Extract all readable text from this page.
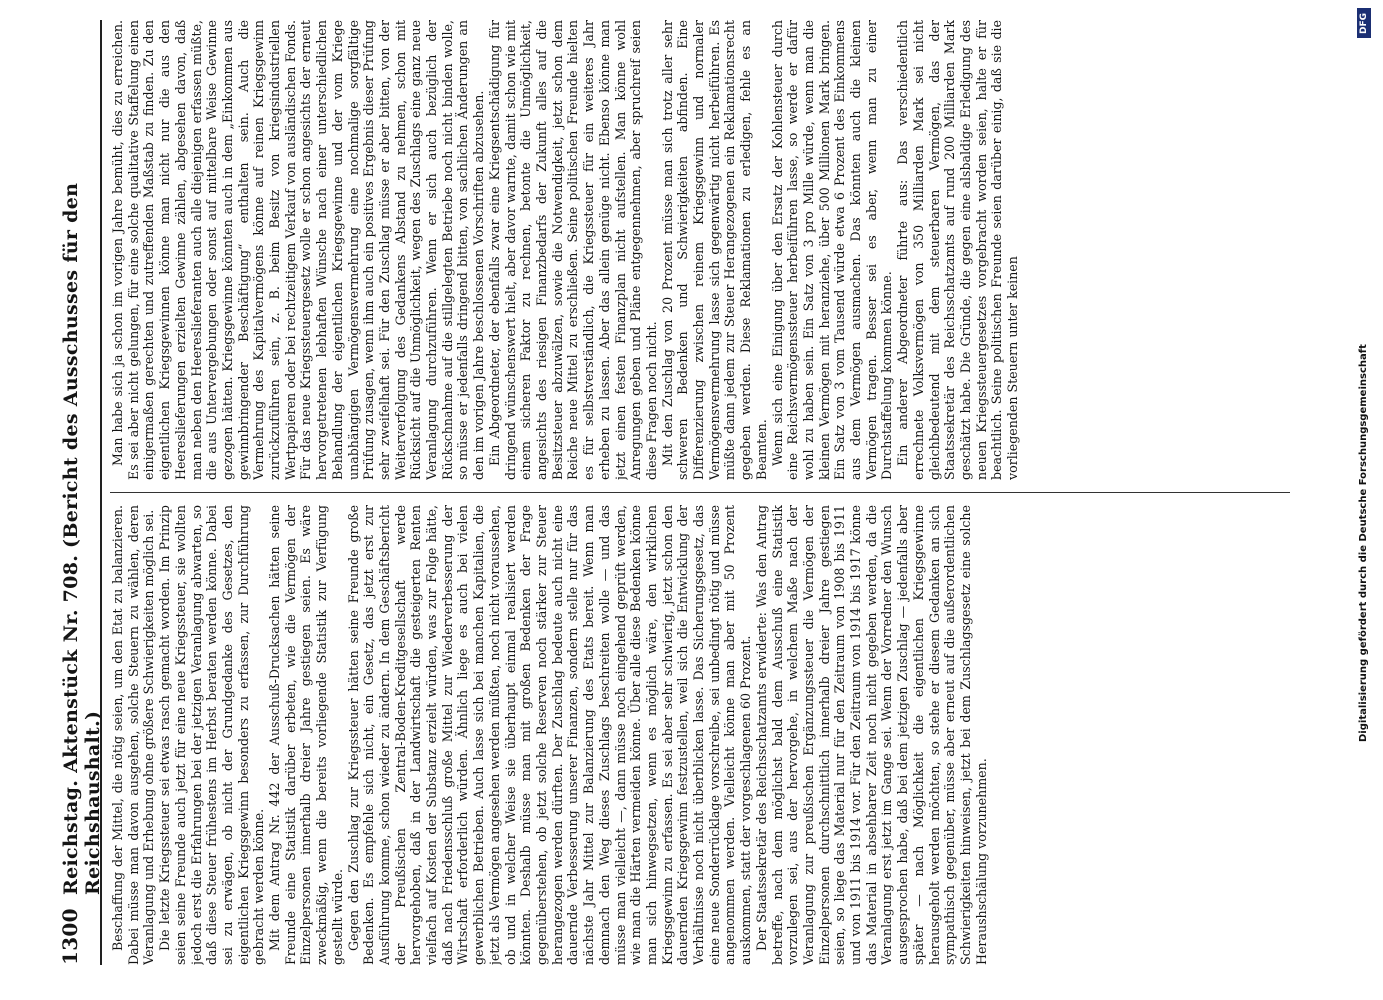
1300
Reichstag. Aktenstück Nr. 708. (Bericht des Ausschusses für den Reichshaushalt.) Beschaffung der Mittel, die nötig seien, um den Etat zu balanzieren. Dabei müsse man davon ausgehen, solche Steuern zu wählen, deren Veranlagung und Erhebung ohne größere Schwierigkeiten möglich sei. Die letzte Kriegssteuer sei etwas rasch gemacht worden. Im Prinzip seien seine Freunde auch jetzt für eine neue Kriegssteuer, sie wollten jedoch erst die Erfahrungen bei der jetzigen Veranlagung abwarten, so daß diese Steuer frühestens im Herbst beraten werden könne. Dabei sei zu erwägen, ob nicht der Grundgedanke des Gesetzes, den eigentlichen Kriegsgewinn besonders zu erfassen, zur Durchführung gebracht werden könne. Mit dem Antrag Nr. 442 der Ausschuß-Drucksachen hätten seine Freunde eine Statistik darüber erbeten, wie die Vermögen der Einzelpersonen innerhalb dreier Jahre gestiegen seien. Es wäre zweckmäßig, wenn die bereits vorliegende Statistik zur Verfügung gestellt würde. Gegen den Zuschlag zur Kriegssteuer hätten seine Freunde große Bedenken. Es empfehle sich nicht, ein Gesetz, das jetzt erst zur Ausführung komme, schon wieder zu ändern. In dem Geschäftsbericht der Preußischen Zentral-Boden-Kreditgesellschaft werde hervorgehoben, daß in der Landwirtschaft die gesteigerten Renten vielfach auf Kosten der Substanz erzielt würden, was zur Folge hätte, daß nach Friedensschluß große Mittel zur Wiederverbesserung der Wirtschaft erforderlich würden. Ähnlich liege es auch bei vielen gewerblichen Betrieben. Auch lasse sich bei manchen Kapitalien, die jetzt als Vermögen angesehen werden müßten, noch nicht voraussehen, ob und in welcher Weise sie überhaupt einmal realisiert werden könnten. Deshalb müsse man mit großen Bedenken der Frage gegenüberstehen, ob jetzt solche Reserven noch stärker zur Steuer herangezogen werden dürften. Der Zuschlag bedeute auch nicht eine dauernde Verbesserung unserer Finanzen, sondern stelle nur für das nächste Jahr Mittel zur Balanzierung des Etats bereit. Wenn man demnach den Weg dieses Zuschlags beschreiten wolle — und das müsse man vielleicht —, dann müsse noch eingehend geprüft werden, wie man die Härten vermeiden könne. Über alle diese Bedenken könne man sich hinwegsetzen, wenn es möglich wäre, den wirklichen Kriegsgewinn zu erfassen. Es sei aber sehr schwierig, jetzt schon den dauernden Kriegsgewinn festzustellen, weil sich die Entwicklung der Verhältnisse noch nicht überblicken lasse. Das Sicherungsgesetz, das eine neue Sonderrücklage vorschreibe, sei unbedingt nötig und müsse angenommen werden. Vielleicht könne man aber mit 50 Prozent auskommen, statt der vorgeschlagenen 60 Prozent. Der Staatssekretär des Reichsschatzamts erwiderte: Was den Antrag betreffe, nach dem möglichst bald dem Ausschuß eine Statistik vorzulegen sei, aus der hervorgehe, in welchem Maße nach der Veranlagung zur preußischen Ergänzungssteuer die Vermögen der Einzelpersonen durchschnittlich innerhalb dreier Jahre gestiegen seien, so liege das Material nur für den Zeitraum von 1908 bis 1911 und von 1911 bis 1914 vor. Für den Zeitraum von 1914 bis 1917 könne das Material in absehbarer Zeit noch nicht gegeben werden, da die Veranlagung erst jetzt im Gange sei. Wenn der Vorredner den Wunsch ausgesprochen habe, daß bei dem jetzigen Zuschlag — jedenfalls aber später — nach Möglichkeit die eigentlichen Kriegsgewinne herausgeholt werden möchten, so stehe er diesem Gedanken an sich sympathisch gegenüber, müsse aber erneut auf die außerordentlichen Schwierigkeiten hinweisen, jetzt bei dem Zuschlagsgesetz eine solche Heraushschälung vorzunehmen.

Man habe sich ja schon im vorigen Jahre bemüht, dies zu erreichen. Es sei aber nicht gelungen, für eine solche qualitative Staffelung einen einigermaßen gerechten und zutreffenden Maßstab zu finden. Zu den eigentlichen Kriegsgewinnen könne man nicht nur die aus den Heereslieferungen erzielten Gewinne zählen, abgesehen davon, daß man neben den Heereslieferanten auch alle diejenigen erfassen müßte, die aus Untervergebungen oder sonst auf mittelbare Weise Gewinne gezogen hätten. Kriegsgewinne könnten auch in dem „Einkommen aus gewinnbringender Beschäftigung“ enthalten sein. Auch die Vermehrung des Kapitalvermögens könne auf reinen Kriegsgewinn zurückzuführen sein, z. B. beim Besitz von kriegsindustriellen Wertpapieren oder bei rechtzeitigem Verkauf von ausländischen Fonds. Für das neue Kriegssteuergesetz wolle er schon angesichts der erneut hervorgetretenen lebhaften Wünsche nach einer unterschiedlichen Behandlung der eigentlichen Kriegsgewinne und der vom Kriege unabhängigen Vermögensvermehrung eine nochmalige sorgfältige Prüfung zusagen, wenn ihm auch ein positives Ergebnis dieser Prüfung sehr zweifelhaft sei. Für den Zuschlag müsse er aber bitten, von der Weiterverfolgung des Gedankens Abstand zu nehmen, schon mit Rücksicht auf die Unmöglichkeit, wegen des Zuschlags eine ganz neue Veranlagung durchzuführen. Wenn er sich auch bezüglich der Rückschnahme auf die stillgelegten Betriebe noch nicht binden wolle, so müsse er jedenfalls dringend bitten, von sachlichen Änderungen an den im vorigen Jahre beschlossenen Vorschriften abzusehen. Ein Abgeordneter, der ebenfalls zwar eine Kriegsentschädigung für dringend wünschenswert hielt, aber davor warnte, damit schon wie mit einem sicheren Faktor zu rechnen, betonte die Unmöglichkeit, angesichts des riesigen Finanzbedarfs der Zukunft alles auf die Besitzsteuer abzuwälzen, sowie die Notwendigkeit, jetzt schon dem Reiche neue Mittel zu erschließen. Seine politischen Freunde hielten es für selbstverständlich, die Kriegssteuer für ein weiteres Jahr erheben zu lassen. Aber das allein genüge nicht. Ebenso könne man jetzt einen festen Finanzplan nicht aufstellen. Man könne wohl Anregungen geben und Pläne entgegennehmen, aber spruchreif seien diese Fragen noch nicht. Mit den Zuschlag von 20 Prozent müsse man sich trotz aller sehr schweren Bedenken und Schwierigkeiten abfinden. Eine Differenzierung zwischen reinem Kriegsgewinn und normaler Vermögensvermehrung lasse sich gegenwärtig nicht herbeiführen. Es müßte dann jedem zur Steuer Herangezogenen ein Reklamationsrecht gegeben werden. Diese Reklamationen zu erledigen, fehle es an Beamten. Wenn sich eine Einigung über den Ersatz der Kohlensteuer durch eine Reichsvermögenssteuer herbeiführen lasse, so werde er dafür wohl zu haben sein. Ein Satz von 3 pro Mille würde, wenn man die kleinen Vermögen mit heranziehe, über 500 Millionen Mark bringen. Ein Satz von 3 vom Tausend würde etwa 6 Prozent des Einkommens aus dem Vermögen ausmachen. Das könnten auch die kleinen Vermögen tragen. Besser sei es aber, wenn man zu einer Durchstaffelung kommen könne. Ein anderer Abgeordneter führte aus: Das verschiedentlich errechnete Volksvermögen von 350 Milliarden Mark sei nicht gleichbedeutend mit dem steuerbaren Vermögen, das der Staatssekretär des Reichsschatzamts auf rund 200 Milliarden Mark geschätzt habe. Die Gründe, die gegen eine alsbaldige Erledigung des neuen Kriegssteuergesetzes vorgebracht worden seien, halte er für beachtlich. Seine politischen Freunde seien darüber einig, daß sie die vorliegenden Steuern unter keinen

DFG
Digitalisierung gefördert durch die Deutsche Forschungsgemeinschaft
